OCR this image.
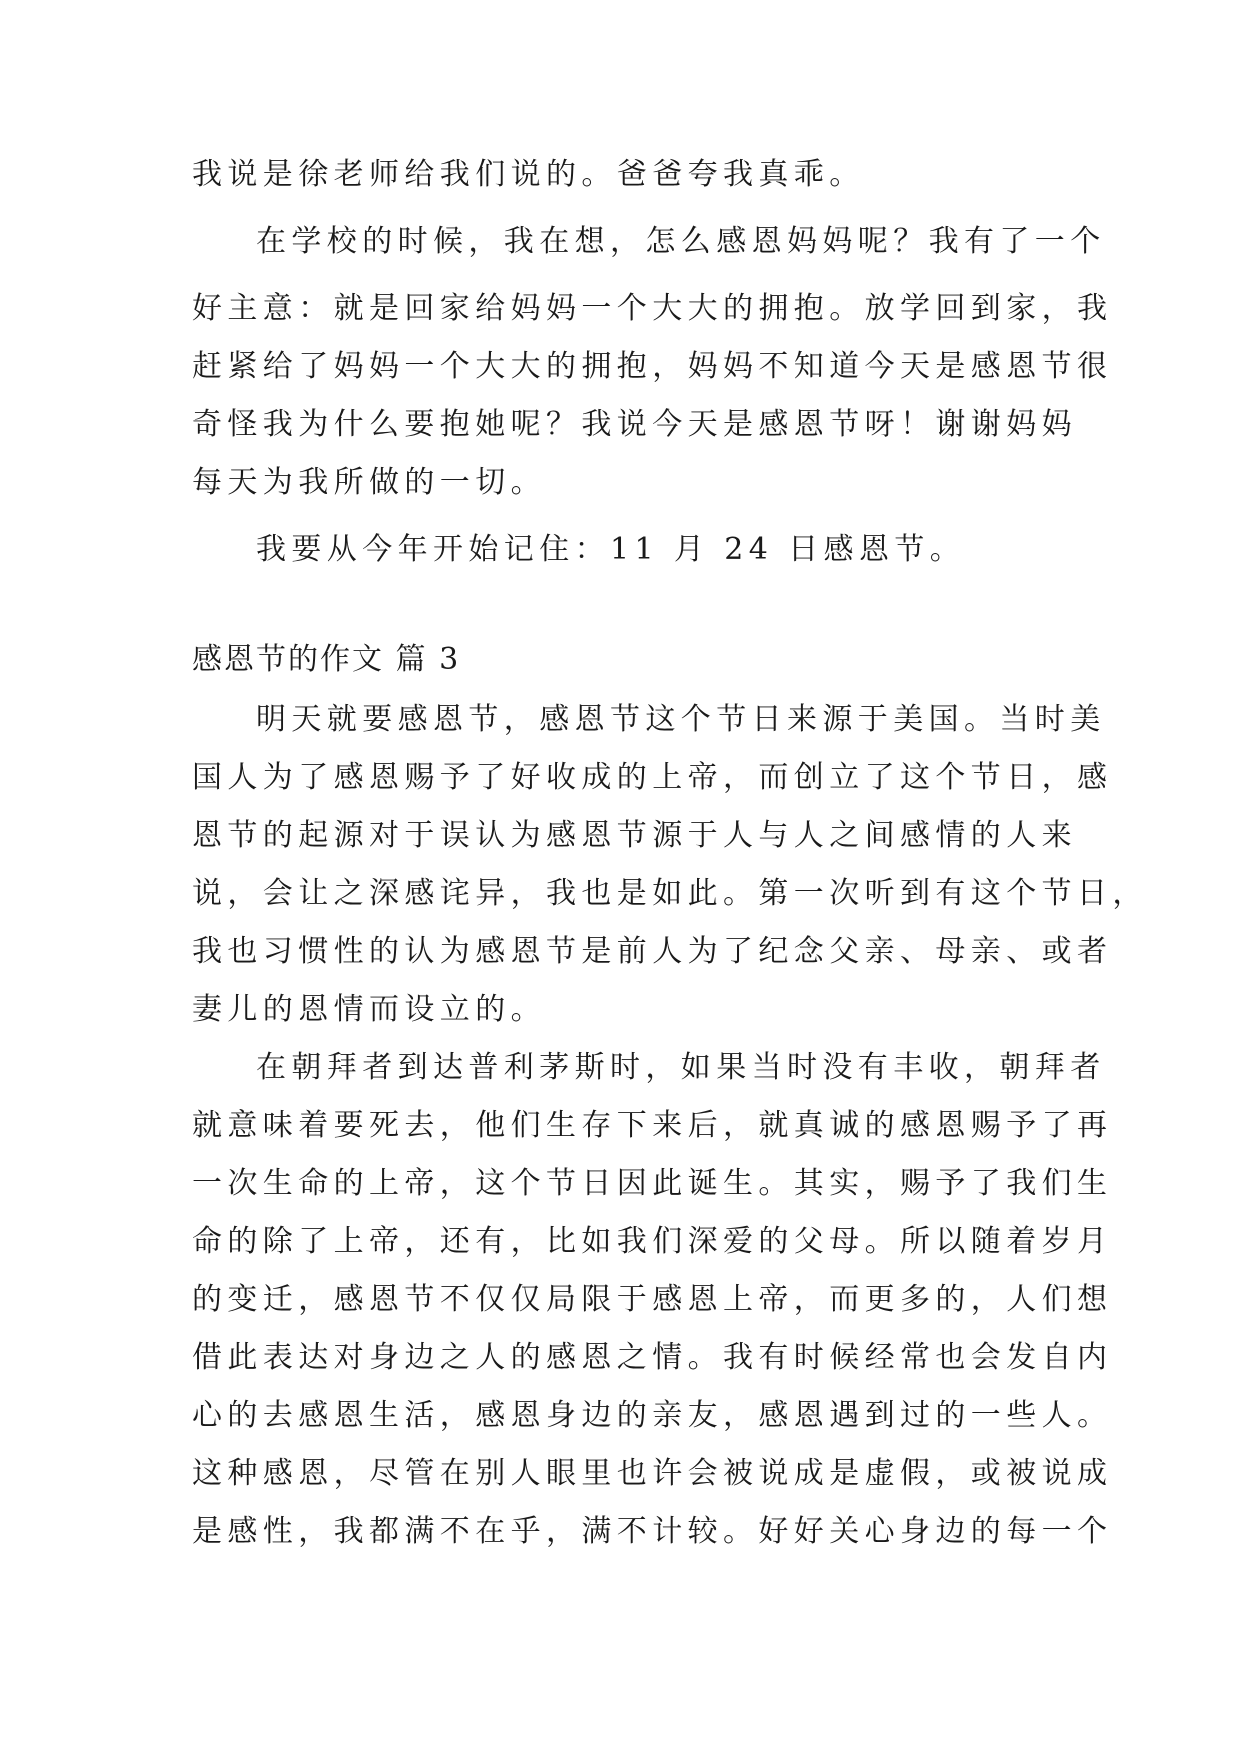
我说是徐老师给我们说的。爸爸夸我真乖。
在学校的时候，我在想，怎么感恩妈妈呢？我有了一个
好主意：就是回家给妈妈一个大大的拥抱。放学回到家，我
赶紧给了妈妈一个大大的拥抱，妈妈不知道今天是感恩节很
奇怪我为什么要抱她呢？我说今天是感恩节呀！谢谢妈妈
每天为我所做的一切。
我要从今年开始记住：11 月 24 日感恩节。
感恩节的作文 篇 3
明天就要感恩节，感恩节这个节日来源于美国。当时美
国人为了感恩赐予了好收成的上帝，而创立了这个节日，感
恩节的起源对于误认为感恩节源于人与人之间感情的人来
说，会让之深感诧异，我也是如此。第一次听到有这个节日，
我也习惯性的认为感恩节是前人为了纪念父亲、母亲、或者
妻儿的恩情而设立的。
在朝拜者到达普利茅斯时，如果当时没有丰收，朝拜者
就意味着要死去，他们生存下来后，就真诚的感恩赐予了再
一次生命的上帝，这个节日因此诞生。其实，赐予了我们生
命的除了上帝，还有，比如我们深爱的父母。所以随着岁月
的变迁，感恩节不仅仅局限于感恩上帝，而更多的，人们想
借此表达对身边之人的感恩之情。我有时候经常也会发自内
心的去感恩生活，感恩身边的亲友，感恩遇到过的一些人。
这种感恩，尽管在别人眼里也许会被说成是虚假，或被说成
是感性，我都满不在乎，满不计较。好好关心身边的每一个
